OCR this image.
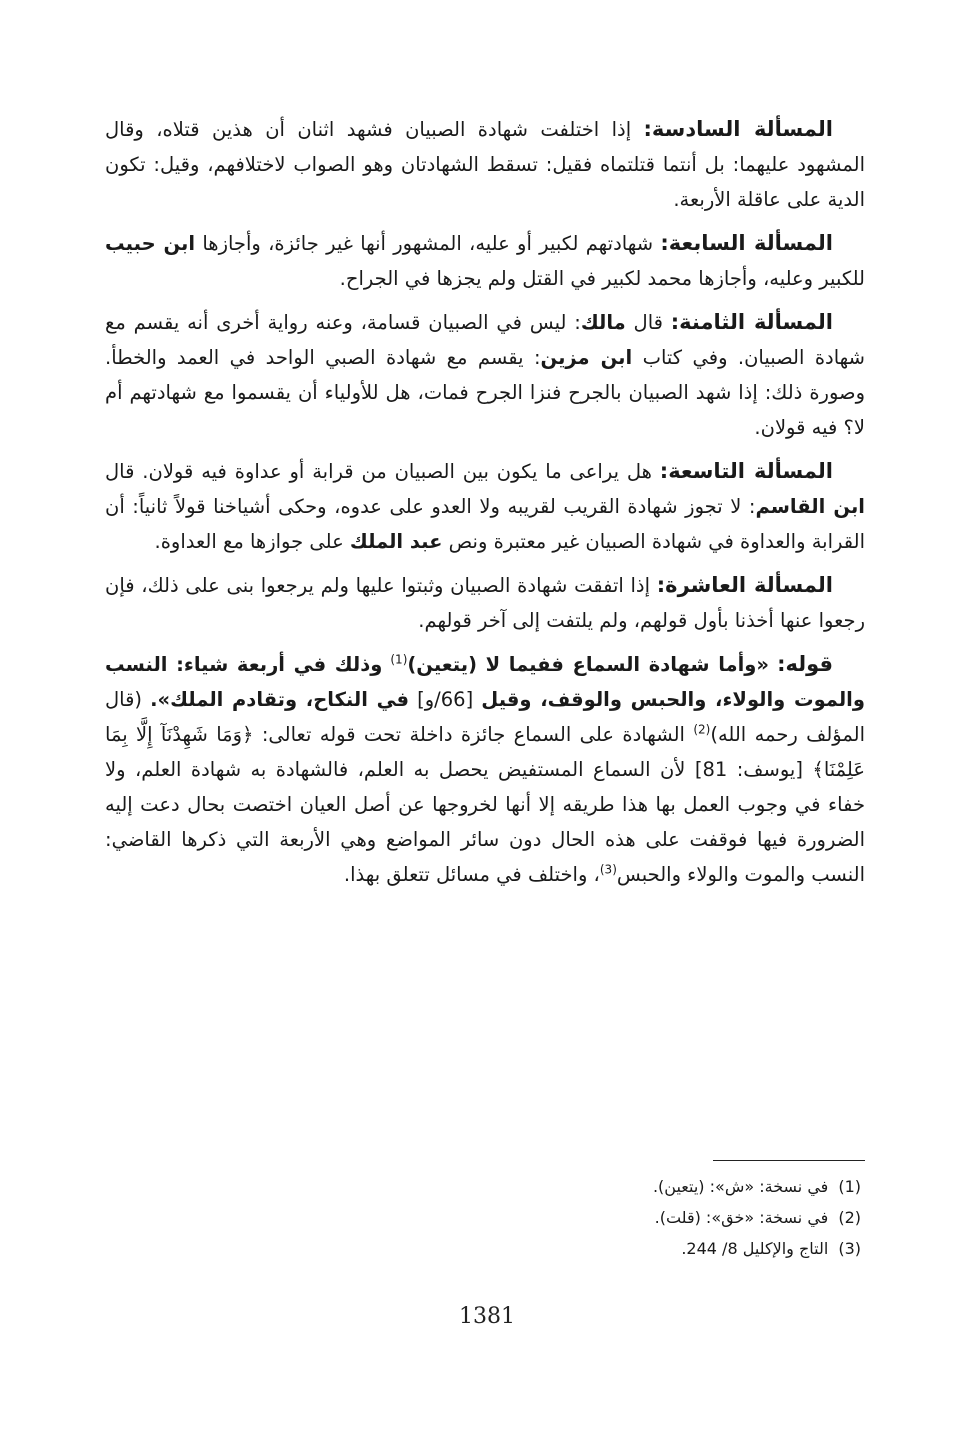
المسألة السادسة: إذا اختلفت شهادة الصبيان فشهد اثنان أن هذين قتلاه، وقال المشهود عليهما: بل أنتما قتلتماه فقيل: تسقط الشهادتان وهو الصواب لاختلافهم، وقيل: تكون الدية على عاقلة الأربعة.

المسألة السابعة: شهادتهم لكبير أو عليه، المشهور أنها غير جائزة، وأجازها ابن حبيب للكبير وعليه، وأجازها محمد لكبير في القتل ولم يجزها في الجراح.

المسألة الثامنة: قال مالك: ليس في الصبيان قسامة، وعنه رواية أخرى أنه يقسم مع شهادة الصبيان. وفي كتاب ابن مزين: يقسم مع شهادة الصبي الواحد في العمد والخطأ. وصورة ذلك: إذا شهد الصبيان بالجرح فنزا الجرح فمات، هل للأولياء أن يقسموا مع شهادتهم أم لا؟ فيه قولان.

المسألة التاسعة: هل يراعى ما يكون بين الصبيان من قرابة أو عداوة فيه قولان. قال ابن القاسم: لا تجوز شهادة القريب لقريبه ولا العدو على عدوه، وحكى أشياخنا قولاً ثانياً: أن القرابة والعداوة في شهادة الصبيان غير معتبرة ونص عبد الملك على جوازها مع العداوة.

المسألة العاشرة: إذا اتفقت شهادة الصبيان وثبتوا عليها ولم يرجعوا بنى على ذلك، فإن رجعوا عنها أخذنا بأول قولهم، ولم يلتفت إلى آخر قولهم.

قوله: «وأما شهادة السماع ففيما لا (يتعين)$^{(1)}$ وذلك في أربعة شياء: النسب والموت والولاء، والحبس والوقف، وقيل [66/و] في النكاح، وتقادم الملك». (قال المؤلف رحمه الله)$^{(2)}$ الشهادة على السماع جائزة داخلة تحت قوله تعالى: ﴿وَمَا شَهِدْنَآ إِلَّا بِمَا عَلِمْنَا﴾ [يوسف: 81] لأن السماع المستفيض يحصل به العلم، فالشهادة به شهادة العلم، ولا خفاء في وجوب العمل بها هذا طريقه إلا أنها لخروجها عن أصل العيان اختصت بحال دعت إليه الضرورة فيها فوقفت على هذه الحال دون سائر المواضع وهي الأربعة التي ذكرها القاضي: النسب والموت والولاء والحبس$^{(3)}$، واختلف في مسائل تتعلق بهذا.

(1)في نسخة: «ش»: (يتعين).
(2)في نسخة: «خق»: (قلت).
(3)التاج والإكليل 8/ 244.
1381
